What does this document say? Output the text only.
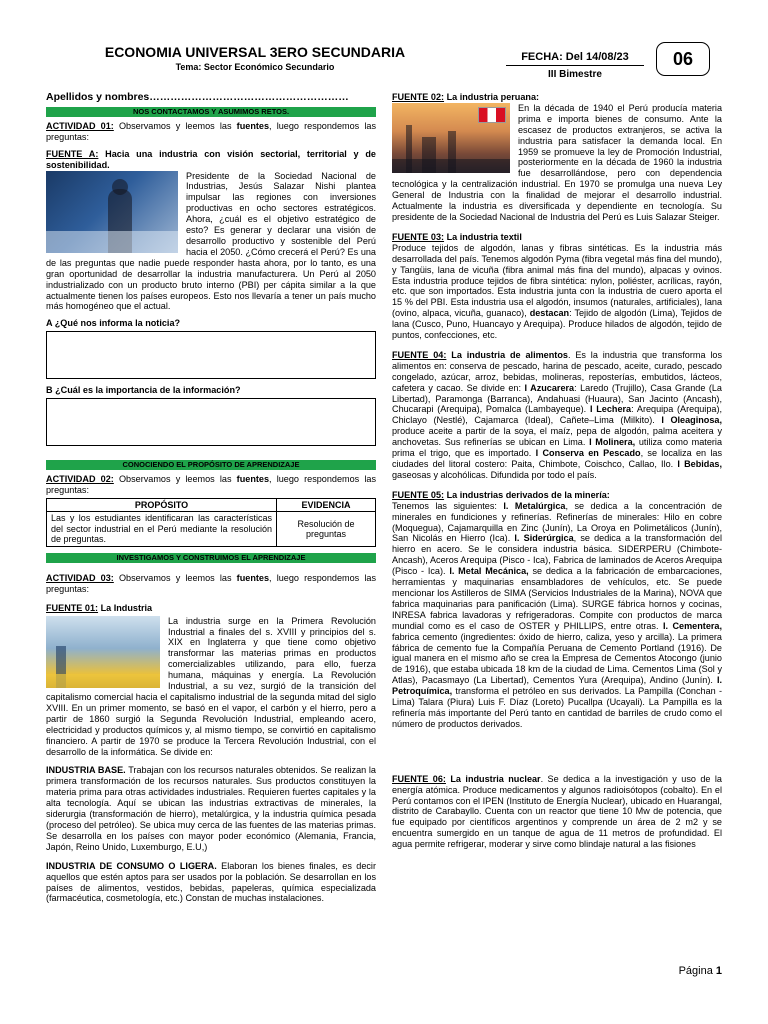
ECONOMIA UNIVERSAL 3ERO SECUNDARIA
Tema: Sector Económico Secundario
FECHA: Del 14/08/23
III Bimestre
06

Apellidos y nombres…………………………………………………

NOS CONTACTAMOS Y ASUMIMOS RETOS.

ACTIVIDAD 01: Observamos y leemos las fuentes, luego respondemos las preguntas:

FUENTE A: Hacia una industria con visión sectorial, territorial y de sostenibilidad.

Presidente de la Sociedad Nacional de Industrias, Jesús Salazar Nishi plantea impulsar las regiones con inversiones productivas en ocho sectores estratégicos. Ahora, ¿cuál es el objetivo estratégico de esto? Es generar y declarar una visión de desarrollo productivo y sostenible del Perú hacia el 2050. ¿Cómo crecerá el Perú? Es una de las preguntas que nadie puede responder hasta ahora, por lo tanto, es una gran oportunidad de desarrollar la industria manufacturera. Un Perú al 2050 industrializado con un producto bruto interno (PBI) per cápita similar a la que actualmente tienen los países europeos. Esto nos llevaría a tener un país mucho más homogéneo que el actual.

A ¿Qué nos informa la noticia?

B ¿Cuál es la importancia de la información?

CONOCIENDO EL PROPÓSITO DE APRENDIZAJE

ACTIVIDAD 02: Observamos y leemos las fuentes, luego respondemos las preguntas:

PROPÓSITO	EVIDENCIA
Las y los estudiantes identificaran las características del sector industrial en el Perú mediante la resolución de preguntas.	Resolución de preguntas
INVESTIGAMOS Y CONSTRUIMOS EL APRENDIZAJE

ACTIVIDAD 03: Observamos y leemos las fuentes, luego respondemos las preguntas:

FUENTE 01: La Industria

La industria surge en la Primera Revolución Industrial a finales del s. XVIII y principios del s. XIX en Inglaterra y que tiene como objetivo transformar las materias primas en productos comercializables utilizando, para ello, fuerza humana, máquinas y energía. La Revolución Industrial, a su vez, surgió de la transición del capitalismo comercial hacia el capitalismo industrial de la segunda mitad del siglo XVIII. En un primer momento, se basó en el vapor, el carbón y el hierro, pero a partir de 1860 surgió la Segunda Revolución Industrial, empleando acero, electricidad y productos químicos y, al mismo tiempo, se convirtió en capitalismo financiero. A partir de 1970 se produce la Tercera Revolución Industrial, con el desarrollo de la informática. Se divide en:

INDUSTRIA BASE. Trabajan con los recursos naturales obtenidos. Se realizan la primera transformación de los recursos naturales. Sus productos constituyen la materia prima para otras actividades industriales. Requieren fuertes capitales y la alta tecnología. Aquí se ubican las industrias extractivas de minerales, la siderurgia (transformación de hierro), metalúrgica, y la industria química pesada (proceso del petróleo). Se ubica muy cerca de las fuentes de las materias primas. Se desarrolla en los países con mayor poder económico (Alemania, Francia, Japón, Reino Unido, Luxemburgo, E.U,)

INDUSTRIA DE CONSUMO O LIGERA. Elaboran los bienes finales, es decir aquellos que estén aptos para ser usados por la población. Se desarrollan en los países de alimentos, vestidos, bebidas, papeleras, química especializada (farmacéutica, cosmetología, etc.) Constan de muchas instalaciones.

FUENTE 02: La industria peruana:

En la década de 1940 el Perú producía materia prima e importa bienes de consumo. Ante la escasez de productos extranjeros, se activa la industria para satisfacer la demanda local. En 1959 se promueve la ley de Promoción Industrial, posteriormente en la década de 1960 la industria fue desarrollándose, pero con dependencia tecnológica y la centralización industrial. En 1970 se promulga una nueva Ley General de Industria con la finalidad de mejorar el desarrollo industrial. Actualmente la industria es diversificada y dependiente en tecnología. Su presidente de la Sociedad Nacional de Industria del Perú es Luis Salazar Steiger.

FUENTE 03: La industria textil

Produce tejidos de algodón, lanas y fibras sintéticas. Es la industria más desarrollada del país. Tenemos algodón Pyma (fibra vegetal más fina del mundo), y Tangüis, lana de vicuña (fibra animal más fina del mundo), alpacas y ovinos. Esta industria produce tejidos de fibra sintética: nylon, poliéster, acrílicas, rayón, etc. que son importados. Esta industria junta con la industria de cuero aporta el 15 % del PBI. Esta industria usa el algodón, insumos (naturales, artificiales), lana (ovino, alpaca, vicuña, guanaco), destacan: Tejido de algodón (Lima), Tejidos de lana (Cusco, Puno, Huancayo y Arequipa). Produce hilados de algodón, tejido de puntos, confecciones, etc.

FUENTE 04: La industria de alimentos. Es la industria que transforma los alimentos en: conserva de pescado, harina de pescado, aceite, curado, pescado congelado, azúcar, arroz, bebidas, molineras, reposterías, embutidos, lácteos, cafetera y cacao. Se divide en: I Azucarera: Laredo (Trujillo), Casa Grande (La Libertad), Paramonga (Barranca), Andahuasi (Huaura), San Jacinto (Ancash), Chucarapi (Arequipa), Pomalca (Lambayeque). I Lechera: Arequipa (Arequipa), Chiclayo (Nestlé), Cajamarca (Ideal), Cañete–Lima (Milkito). I Oleaginosa, produce aceite a partir de la soya, el maíz, pepa de algodón, palma aceitera y anchovetas. Sus refinerías se ubican en Lima. I Molinera, utiliza como materia prima el trigo, que es importado. I Conserva en Pescado, se localiza en las ciudades del litoral costero: Paita, Chimbote, Coischco, Callao, Ilo. I Bebidas, gaseosas y alcohólicas. Difundida por todo el país.

FUENTE 05: La industrias derivados de la minería:

Tenemos las siguientes: I. Metalúrgica, se dedica a la concentración de minerales en fundiciones y refinerías. Refinerías de minerales: Hilo en cobre (Moquegua), Cajamarquilla en Zinc (Junín), La Oroya en Polimetálicos (Junín), San Nicolás en Hierro (Ica). I. Siderúrgica, se dedica a la transformación del hierro en acero. Se le considera industria básica. SIDERPERU (Chimbote- Ancash), Aceros Arequipa (Pisco - Ica), Fabrica de laminados de Aceros Arequipa (Pisco - Ica). I. Metal Mecánica, se dedica a la fabricación de embarcaciones, herramientas y maquinarias ensambladores de vehículos, etc. Se puede mencionar los Astilleros de SIMA (Servicios Industriales de la Marina), NOVA que fabrica maquinarias para panificación (Lima). SURGE fábrica hornos y cocinas, INRESA fabrica lavadoras y refrigeradoras. Compite con productos de marca mundial como es el caso de OSTER y PHILLIPS, entre otras. I. Cementera, fabrica cemento (ingredientes: óxido de hierro, caliza, yeso y arcilla). La primera fábrica de cemento fue la Compañía Peruana de Cemento Portland (1916). De igual manera en el mismo año se crea la Empresa de Cementos Atocongo (junio de 1916), que estaba ubicada 18 km de la ciudad de Lima. Cementos Lima (Sol y Atlas), Pacasmayo (La Libertad), Cementos Yura (Arequipa), Andino (Junín). I. Petroquímica, transforma el petróleo en sus derivados. La Pampilla (Conchan - Lima) Talara (Piura) Luis F. Díaz (Loreto) Pucallpa (Ucayali). La Pampilla es la refinería más importante del Perú tanto en cantidad de barriles de crudo como el número de productos derivados.

FUENTE 06: La industria nuclear. Se dedica a la investigación y uso de la energía atómica. Produce medicamentos y algunos radioisótopos (cobalto). En el Perú contamos con el IPEN (Instituto de Energía Nuclear), ubicado en Huarangal, distrito de Carabayllo. Cuenta con un reactor que tiene 10 Mw de potencia, que fue equipado por científicos argentinos y comprende un área de 2 m2 y se encuentra sumergido en un tanque de agua de 11 metros de profundidad. El agua permite refrigerar, moderar y sirve como blindaje natural a las fisiones

Página 1
